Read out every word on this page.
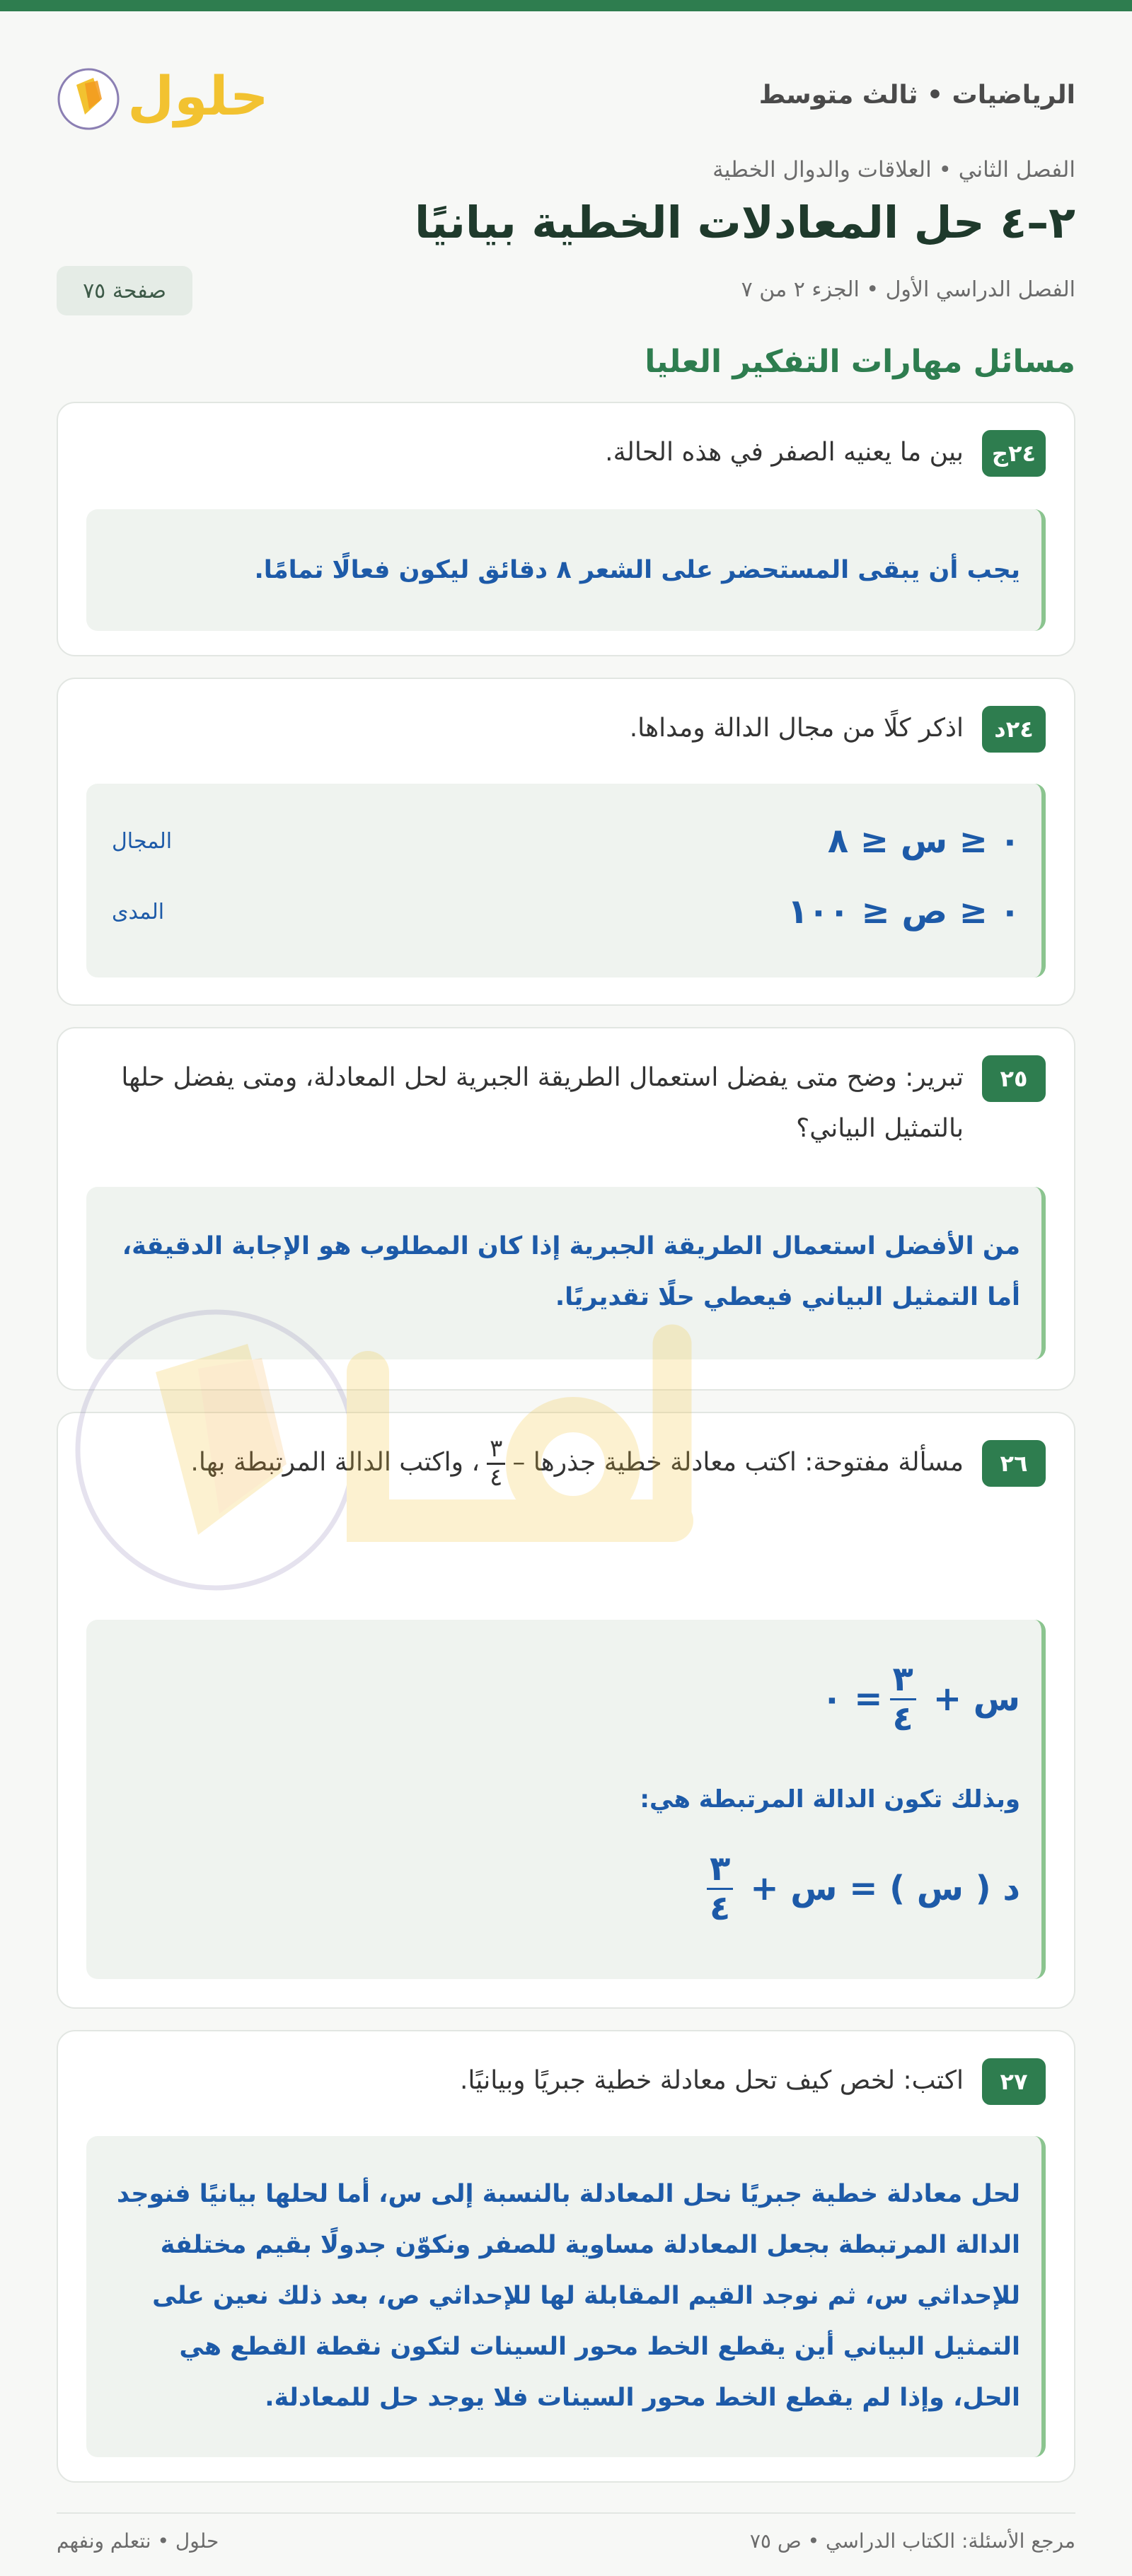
الرياضيات • ثالث متوسط
حلول
الفصل الثاني • العلاقات والدوال الخطية
٢–٤ حل المعادلات الخطية بيانيًا
الفصل الدراسي الأول • الجزء ٢ من ٧
صفحة ٧٥
مسائل مهارات التفكير العليا
٢٤ج
بين ما يعنيه الصفر في هذه الحالة.
يجب أن يبقى المستحضر على الشعر ٨ دقائق ليكون فعالًا تمامًا.
٢٤د
اذكر كلًا من مجال الدالة ومداها.
٠ ≤ س ≤ ٨
المجال
٠ ≤ ص ≤ ١٠٠
المدى
٢٥
تبرير: وضح متى يفضل استعمال الطريقة الجبرية لحل المعادلة، ومتى يفضل حلها بالتمثيل البياني؟
من الأفضل استعمال الطريقة الجبرية إذا كان المطلوب هو الإجابة الدقيقة، أما التمثيل البياني فيعطي حلًا تقديريًا.
٢٦
مسألة مفتوحة: اكتب معادلة خطية جذرها –
$\frac{٣}{٤}$
، واكتب الدالة المرتبطة بها.
س +
$\frac{٣}{٤}$
= ٠
وبذلك تكون الدالة المرتبطة هي:
د ( س ) = س +
$\frac{٣}{٤}$
٢٧
اكتب: لخص كيف تحل معادلة خطية جبريًا وبيانيًا.
لحل معادلة خطية جبريًا نحل المعادلة بالنسبة إلى س، أما لحلها بيانيًا فنوجد الدالة المرتبطة بجعل المعادلة مساوية للصفر ونكوّن جدولًا بقيم مختلفة للإحداثي س، ثم نوجد القيم المقابلة لها للإحداثي ص، بعد ذلك نعين على التمثيل البياني أين يقطع الخط محور السينات لتكون نقطة القطع هي الحل، وإذا لم يقطع الخط محور السينات فلا يوجد حل للمعادلة.
مرجع الأسئلة: الكتاب الدراسي • ص ٧٥
حلول • نتعلم ونفهم
